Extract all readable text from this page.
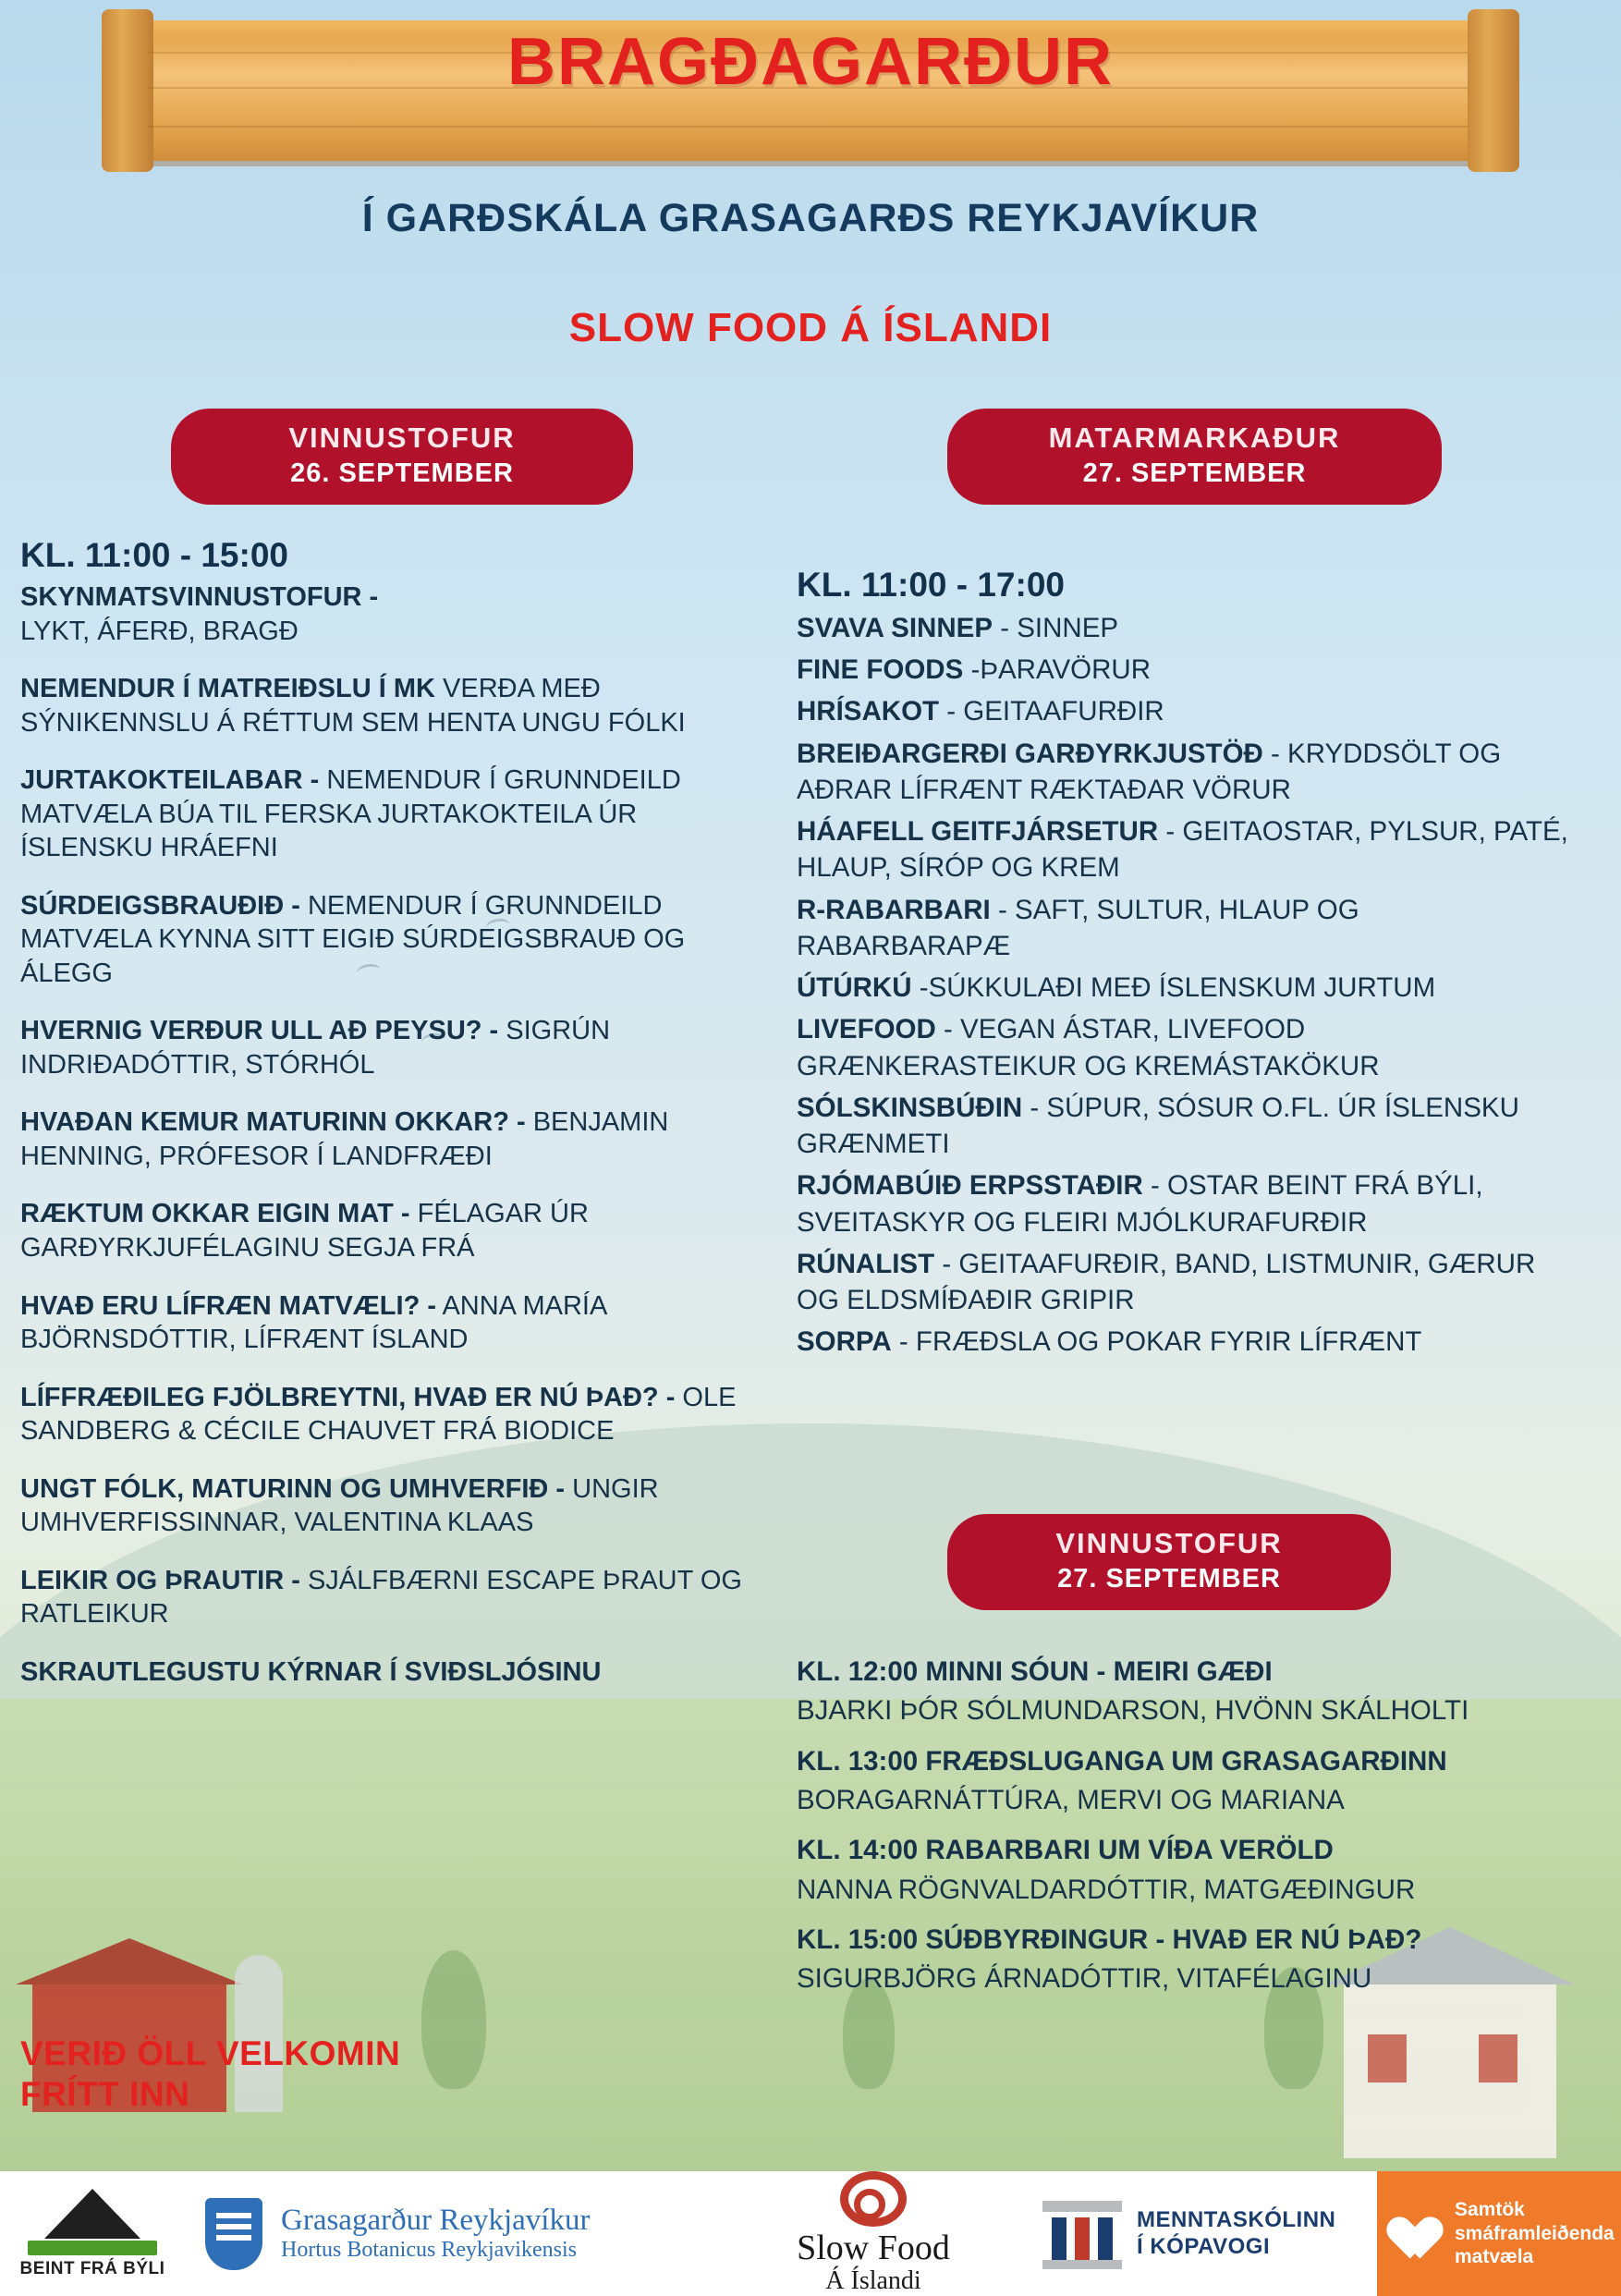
BRAGÐAGARÐUR
Í GARÐSKÁLA GRASAGARÐS REYKJAVÍKUR
SLOW FOOD Á ÍSLANDI
VINNUSTOFUR
26. SEPTEMBER
MATARMARKAÐUR
27. SEPTEMBER
VINNUSTOFUR
27. SEPTEMBER
KL. 11:00 - 15:00
SKYNMATSVINNUSTOFUR -
LYKT, ÁFERÐ, BRAGÐ
NEMENDUR Í MATREIÐSLU Í MK VERÐA MEÐ SÝNIKENNSLU Á RÉTTUM SEM HENTA UNGU FÓLKI
JURTAKOKTEILABAR - NEMENDUR Í GRUNNDEILD MATVÆLA BÚA TIL FERSKA JURTAKOKTEILA ÚR ÍSLENSKU HRÁEFNI
SÚRDEIGSBRAUÐIÐ - NEMENDUR Í GRUNNDEILD MATVÆLA KYNNA SITT EIGIÐ SÚRDEIGSBRAUÐ OG ÁLEGG
HVERNIG VERÐUR ULL AÐ PEYSU? - SIGRÚN INDRIÐADÓTTIR, STÓRHÓL
HVAÐAN KEMUR MATURINN OKKAR? - BENJAMIN HENNING, PRÓFESOR Í LANDFRÆÐI
RÆKTUM OKKAR EIGIN MAT - FÉLAGAR ÚR GARÐYRKJUFÉLAGINU SEGJA FRÁ
HVAÐ ERU LÍFRÆN MATVÆLI? - ANNA MARÍA BJÖRNSDÓTTIR, LÍFRÆNT ÍSLAND
LÍFFRÆÐILEG FJÖLBREYTNI, HVAÐ ER NÚ ÞAÐ? - OLE SANDBERG & CÉCILE CHAUVET FRÁ BIODICE
UNGT FÓLK, MATURINN OG UMHVERFIÐ - UNGIR UMHVERFISSINNAR, VALENTINA KLAAS
LEIKIR OG ÞRAUTIR - SJÁLFBÆRNI ESCAPE ÞRAUT OG RATLEIKUR
SKRAUTLEGUSTU KÝRNAR Í SVIÐSLJÓSINU
KL. 11:00 - 17:00
SVAVA SINNEP - SINNEP
FINE FOODS -ÞARAVÖRUR
HRÍSAKOT - GEITAAFURÐIR
BREIÐARGERÐI GARÐYRKJUSTÖÐ - KRYDDSÖLT OG AÐRAR LÍFRÆNT RÆKTAÐAR VÖRUR
HÁAFELL GEITFJÁRSETUR - GEITAOSTAR, PYLSUR, PATÉ, HLAUP, SÍRÓP OG KREM
R-RABARBARI - SAFT, SULTUR, HLAUP OG RABARBARAPÆ
ÚTÚRKÚ -SÚKKULAÐI MEÐ ÍSLENSKUM JURTUM
LIVEFOOD - VEGAN ÁSTAR, LIVEFOOD GRÆNKERASTEIKUR OG KREMÁSTAKÖKUR
SÓLSKINSBÚÐIN - SÚPUR, SÓSUR O.FL. ÚR ÍSLENSKU GRÆNMETI
RJÓMABÚIÐ ERPSSTAÐIR - OSTAR BEINT FRÁ BÝLI, SVEITASKYR OG FLEIRI MJÓLKURAFURÐIR
RÚNALIST - GEITAAFURÐIR, BAND, LISTMUNIR, GÆRUR OG ELDSMÍÐAÐIR GRIPIR
SORPA - FRÆÐSLA OG POKAR FYRIR LÍFRÆNT
KL. 12:00 MINNI SÓUN - MEIRI GÆÐI
BJARKI ÞÓR SÓLMUNDARSON, HVÖNN SKÁLHOLTI
KL. 13:00 FRÆÐSLUGANGA UM GRASAGARÐINN
BORAGARNÁTTÚRA, MERVI OG MARIANA
KL. 14:00 RABARBARI UM VÍÐA VERÖLD
NANNA RÖGNVALDARDÓTTIR, MATGÆÐINGUR
KL. 15:00 SÚÐBYRÐINGUR - HVAÐ ER NÚ ÞAÐ?
SIGURBJÖRG ÁRNADÓTTIR, VITAFÉLAGINU
VERIÐ ÖLL VELKOMIN
FRÍTT INN
BEINT FRÁ BÝLI
Grasagarður Reykjavíkur
Hortus Botanicus Reykjavikensis	Slow Food
Á Íslandi
MENNTASKÓLINN
Í KÓPAVOGI
Samtök smáframleiðenda matvæla
